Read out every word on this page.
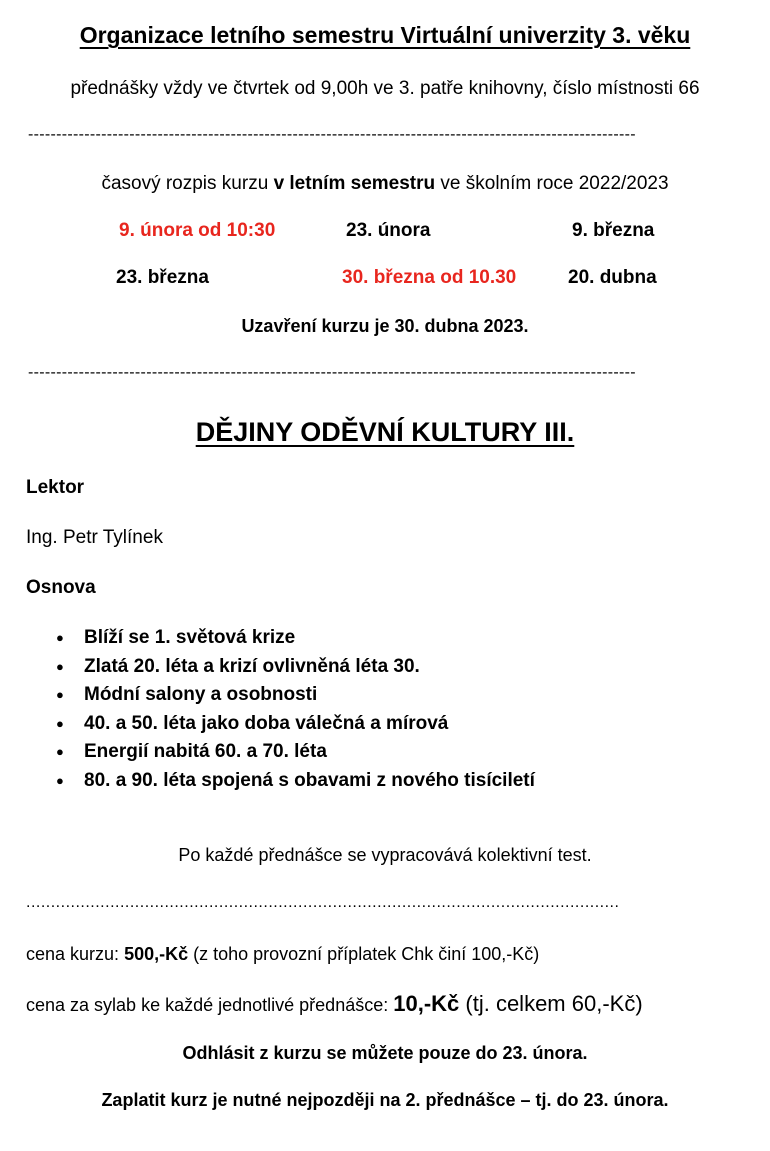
Organizace letního semestru Virtuální univerzity 3. věku
přednášky vždy ve čtvrtek od 9,00h ve 3. patře knihovny, číslo místnosti 66
------------------------------------------------------------------------------------------------------------
časový rozpis kurzu v letním semestru ve školním roce 2022/2023
9. února od 10:30	23. února	9. března
23. března	30. března od 10.30	20. dubna
Uzavření kurzu je 30. dubna 2023.
------------------------------------------------------------------------------------------------------------
DĚJINY ODĚVNÍ KULTURY III.
Lektor
Ing. Petr Tylínek
Osnova
● Blíží se 1. světová krize
● Zlatá 20. léta a krizí ovlivněná léta 30.
● Módní salony a osobnosti
● 40. a 50. léta jako doba válečná a mírová
● Energií nabitá 60. a 70. léta
● 80. a 90. léta spojená s obavami z nového tisíciletí
Po každé přednášce se vypracovává kolektivní test.
........................................................................................................................
cena kurzu: 500,-Kč (z toho provozní příplatek Chk činí 100,-Kč)
cena za sylab ke každé jednotlivé přednášce: 10,-Kč (tj. celkem 60,-Kč)
Odhlásit z kurzu se můžete pouze do 23. února.
Zaplatit kurz je nutné nejpozději na 2. přednášce – tj. do 23. února.
